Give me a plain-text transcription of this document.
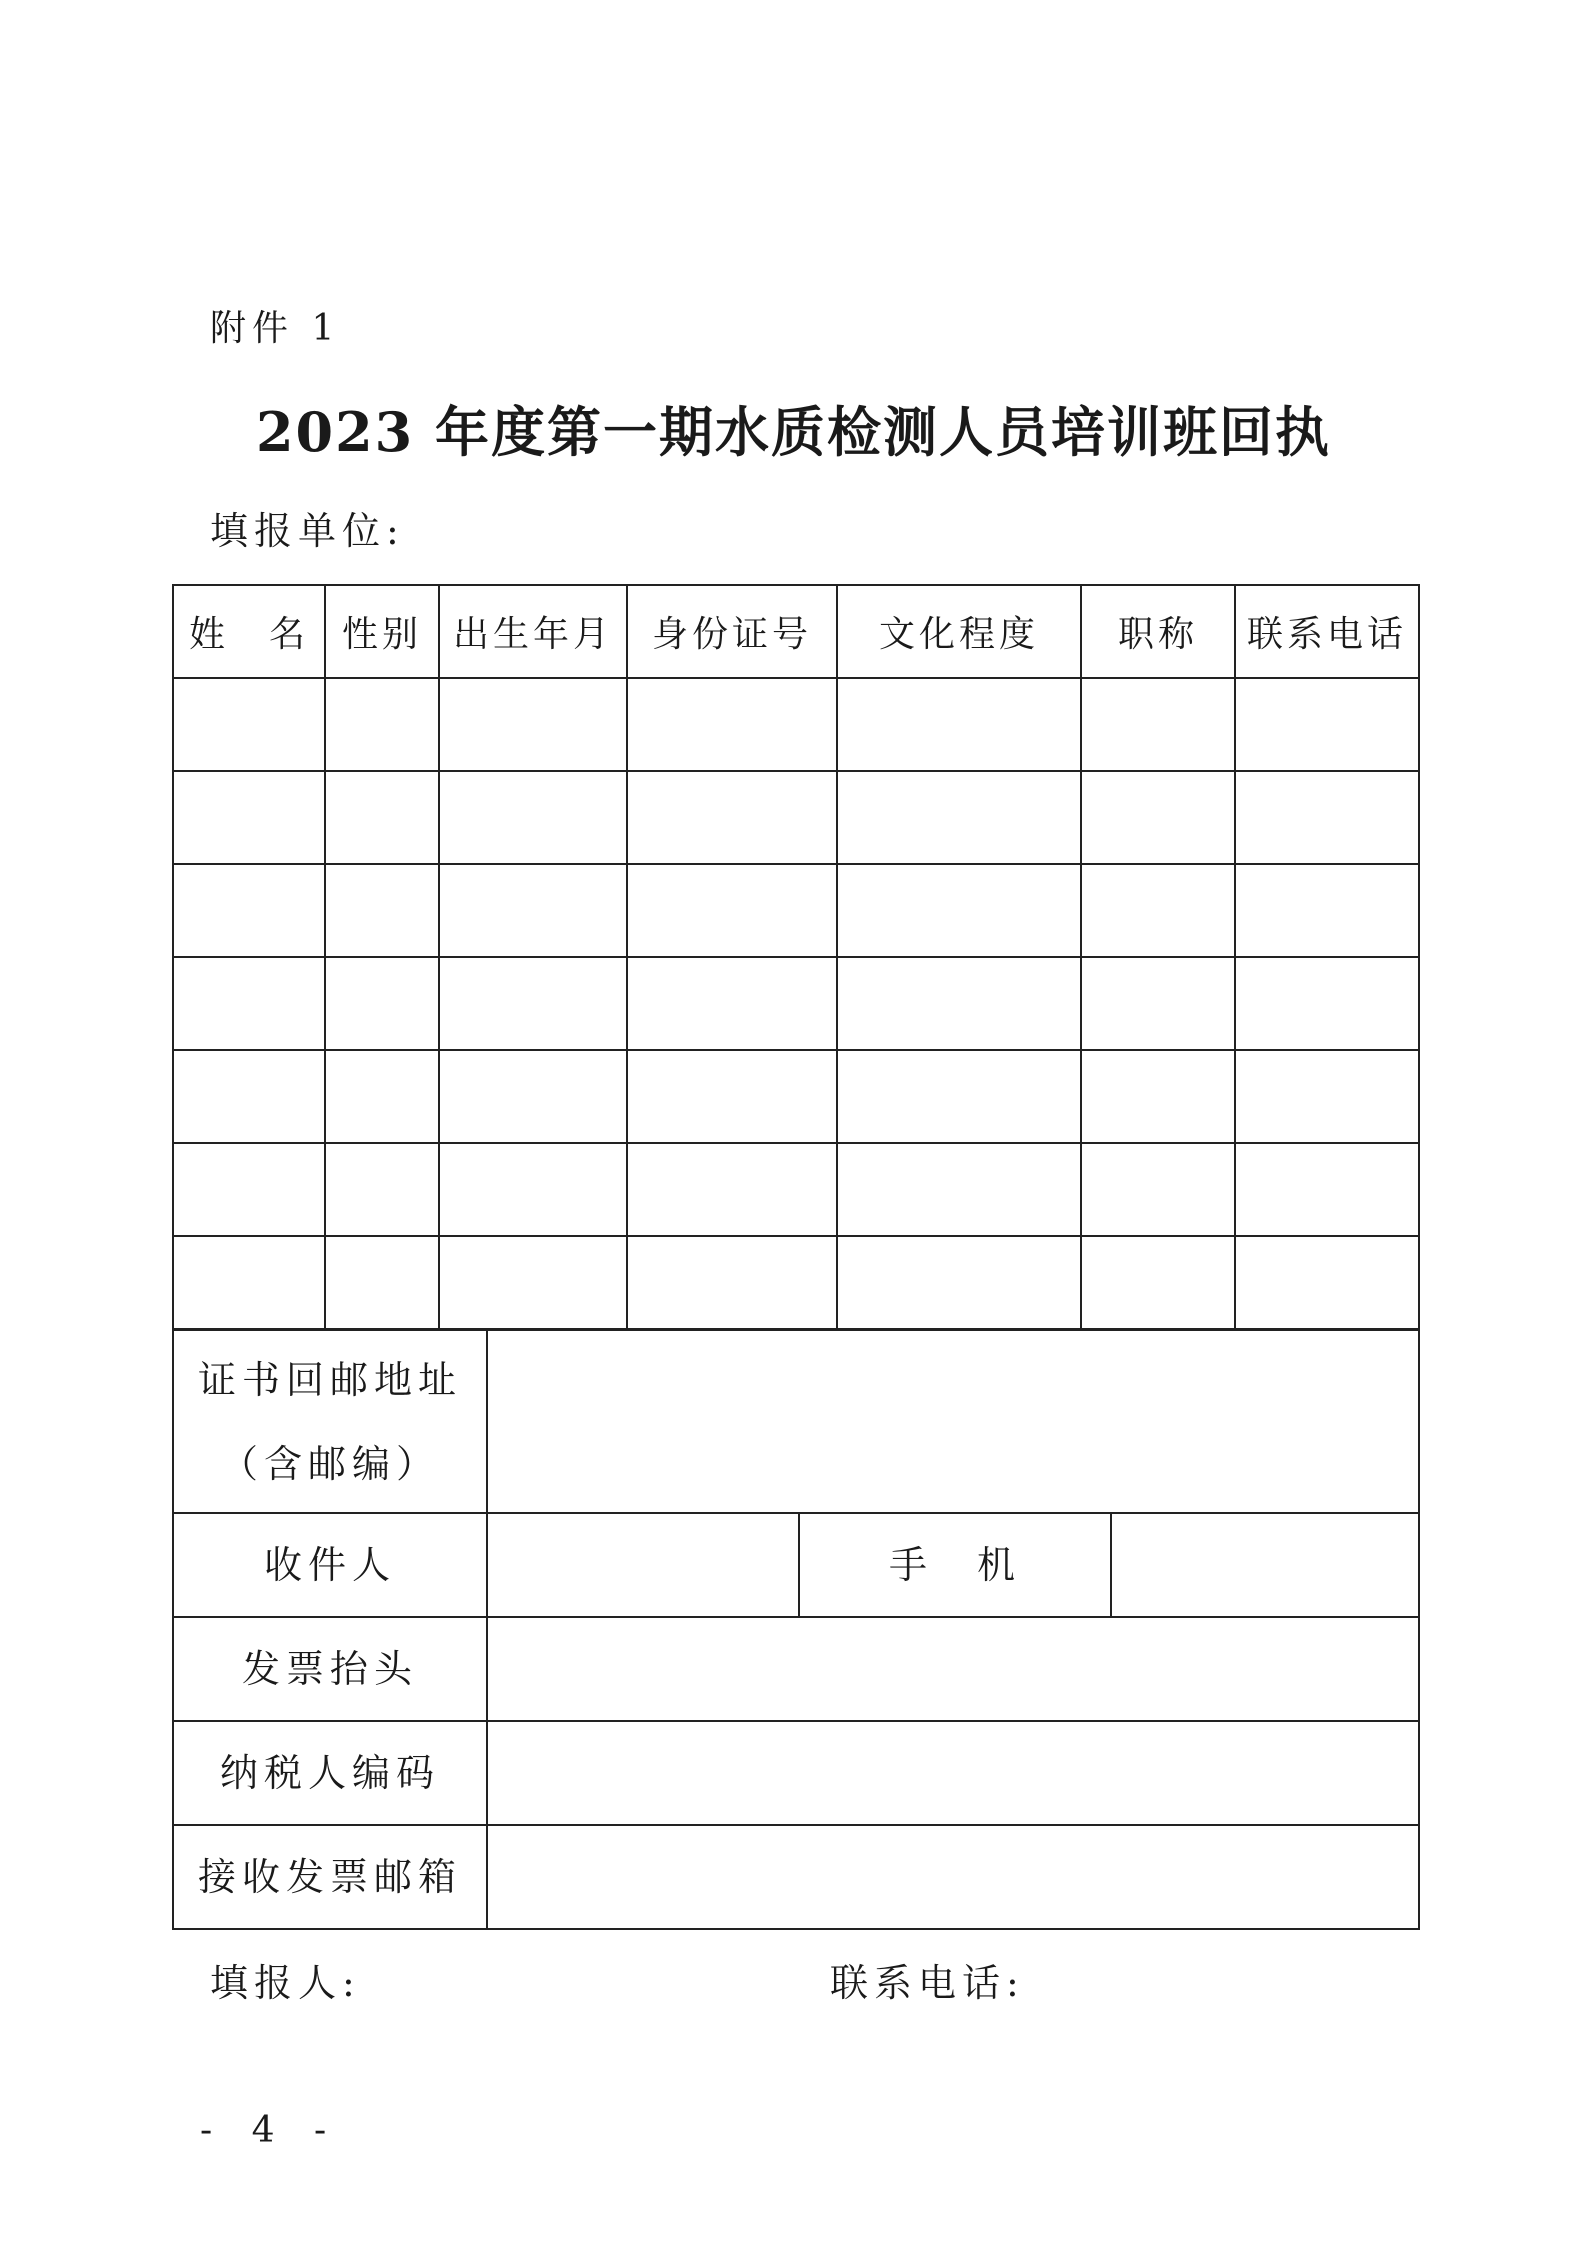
附件 1
2023 年度第一期水质检测人员培训班回执
填报单位:
姓　名	性别	出生年月	身份证号	文化程度	职称	联系电话

证书回邮地址
（含邮编）			

收件人		手　机	
发票抬头			
纳税人编码			
接收发票邮箱			
填报人:	联系电话:
- 4 -
